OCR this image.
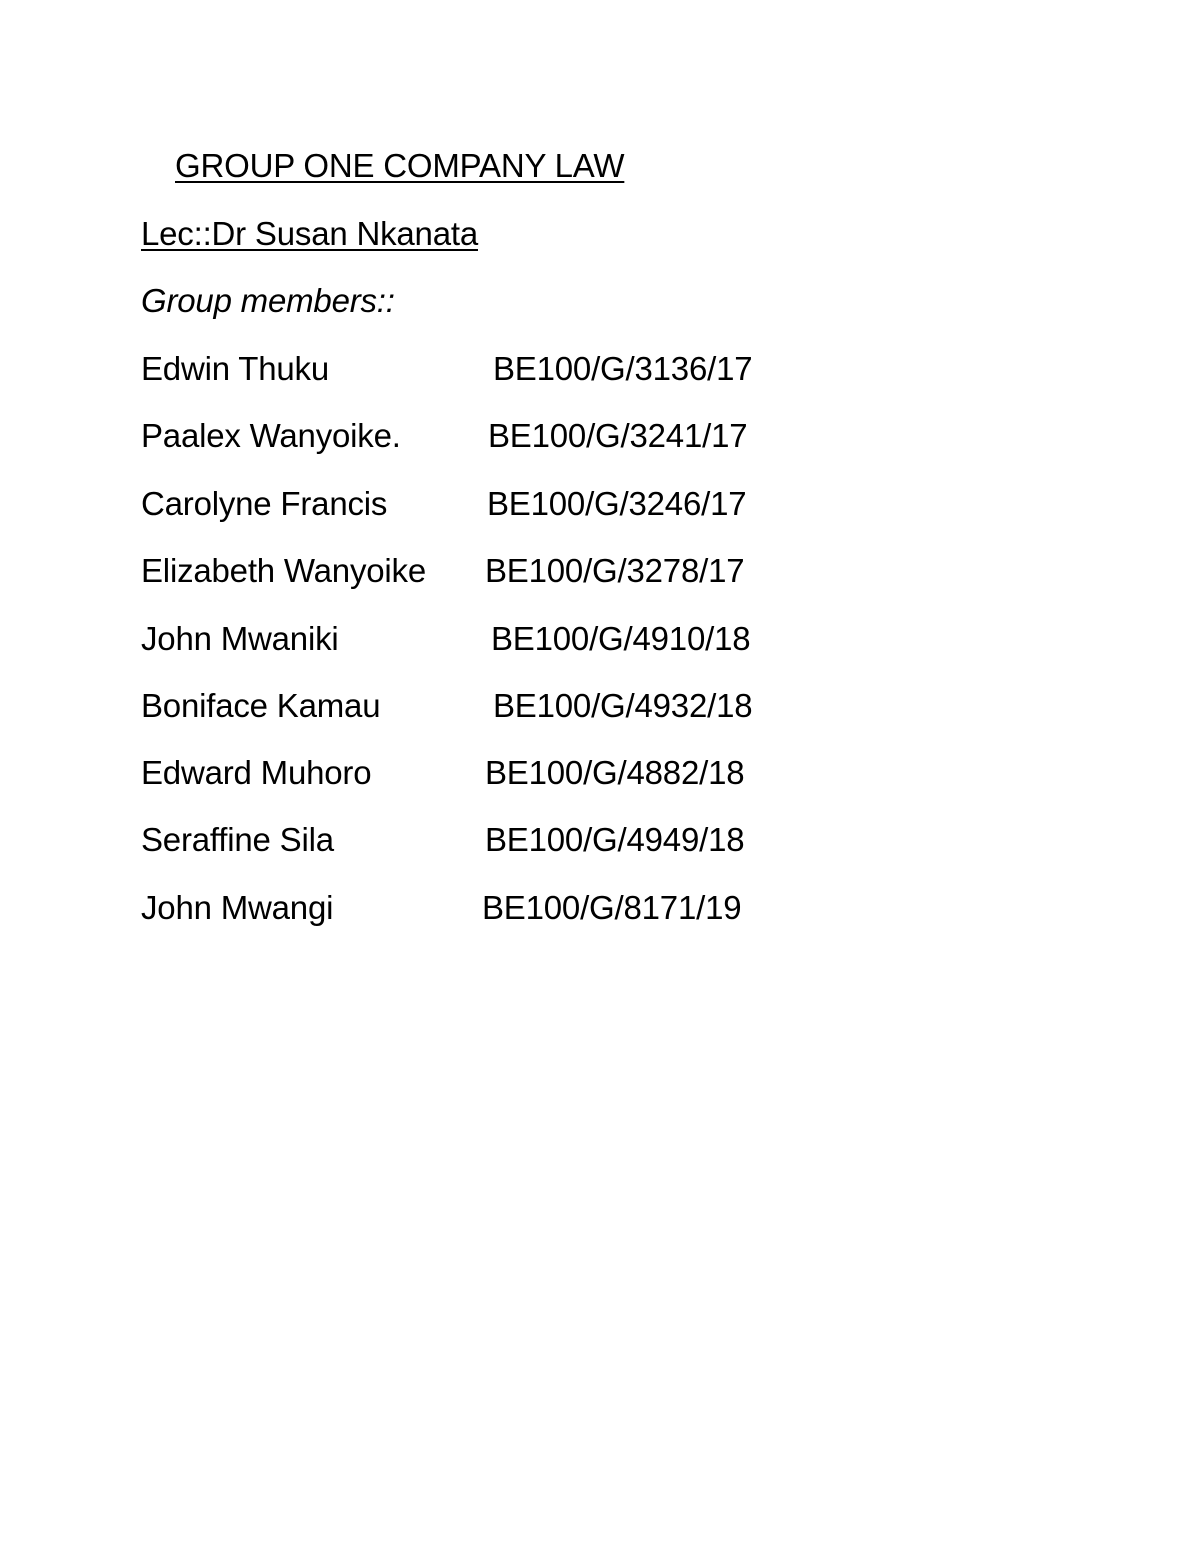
GROUP ONE COMPANY LAW
Lec::Dr Susan Nkanata
Group members::
Edwin Thuku	BE100/G/3136/17
Paalex Wanyoike.	BE100/G/3241/17
Carolyne Francis	BE100/G/3246/17
Elizabeth Wanyoike BE100/G/3278/17
John Mwaniki	BE100/G/4910/18
Boniface Kamau	BE100/G/4932/18
Edward Muhoro	BE100/G/4882/18
Seraffine Sila	BE100/G/4949/18
John Mwangi	BE100/G/8171/19
